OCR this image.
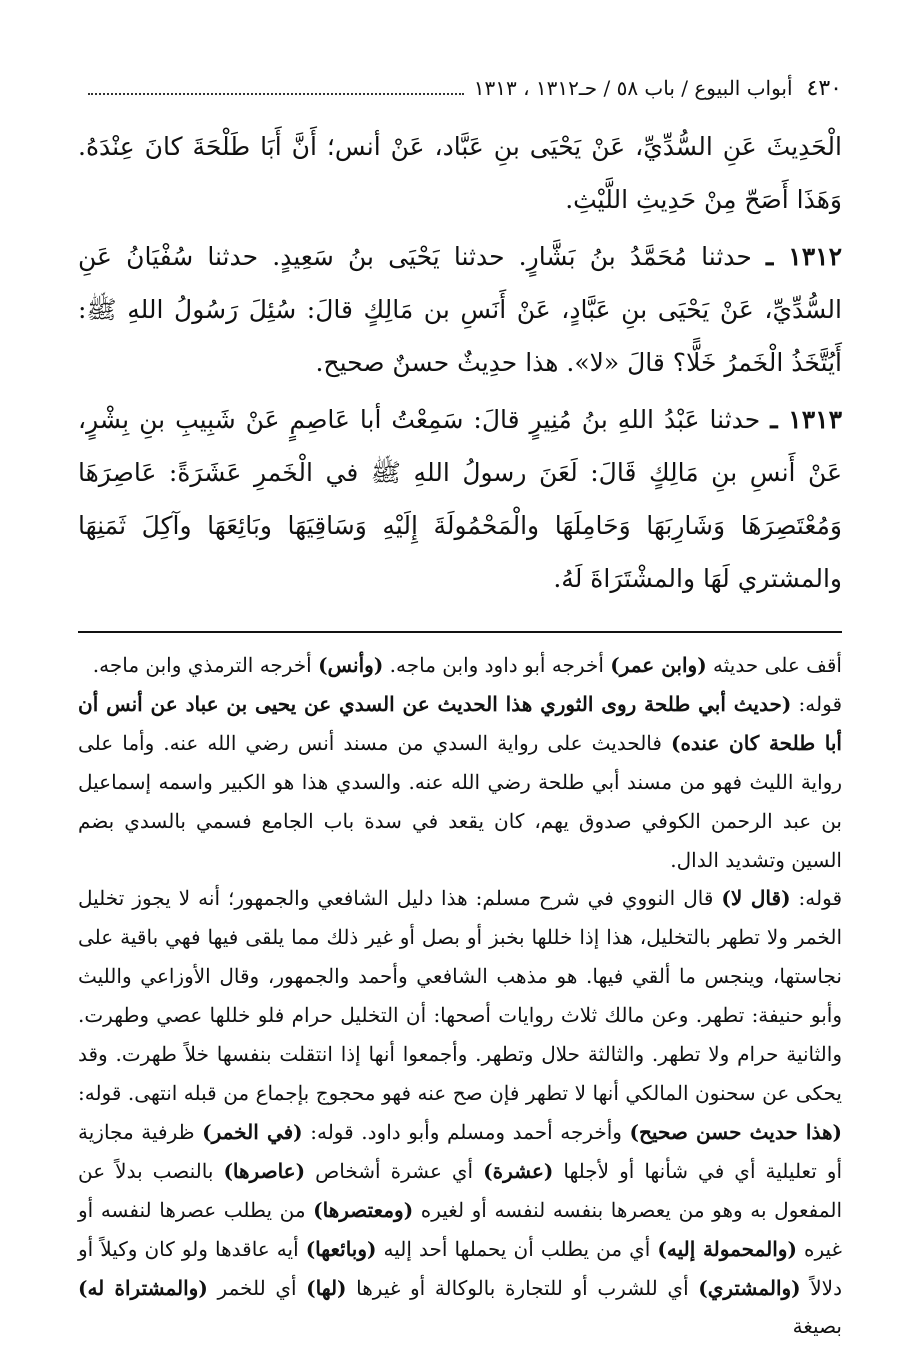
٤٣٠
أبواب البيوع / باب ٥٨ / حـ١٣١٢ ، ١٣١٣

الْحَدِيثَ عَنِ السُّدِّيِّ، عَنْ يَحْيَى بنِ عَبَّاد، عَنْ أنس؛ أَنَّ أَبَا طَلْحَةَ كانَ عِنْدَهُ. وَهَذَا أَصَحّ مِنْ حَدِيثِ اللَّيْثِ.

١٣١٢ ـ حدثنا مُحَمَّدُ بنُ بَشَّارٍ. حدثنا يَحْيَى بنُ سَعِيدٍ. حدثنا سُفْيَانُ عَنِ السُّدِّيِّ، عَنْ يَحْيَى بنِ عَبَّادٍ، عَنْ أَنَسِ بن مَالِكٍ قالَ: سُئِلَ رَسُولُ اللهِ ﷺ: أَيُتَّخَذُ الْخَمرُ خَلًّا؟ قالَ «لا». هذا حدِيثٌ حسنٌ صحيح.

١٣١٣ ـ حدثنا عَبْدُ اللهِ بنُ مُنِيرٍ قالَ: سَمِعْتُ أبا عَاصِمٍ عَنْ شَبِيبِ بنِ بِشْرٍ، عَنْ أَنسِ بنِ مَالِكٍ قَالَ: لَعَنَ رسولُ اللهِ ﷺ في الْخَمرِ عَشَرَةً: عَاصِرَهَا وَمُعْتَصِرَهَا وَشَارِبَهَا وَحَامِلَهَا والْمَحْمُولَةَ إِلَيْهِ وَسَاقِيَهَا وبَائِعَهَا وآكِلَ ثَمَنِهَا والمشتري لَهَا والمشْتَرَاةَ لَهُ.

أقف على حديثه (وابن عمر) أخرجه أبو داود وابن ماجه. (وأنس) أخرجه الترمذي وابن ماجه.

قوله: (حديث أبي طلحة روى الثوري هذا الحديث عن السدي عن يحيى بن عباد عن أنس أن أبا طلحة كان عنده) فالحديث على رواية السدي من مسند أنس رضي الله عنه. وأما على رواية الليث فهو من مسند أبي طلحة رضي الله عنه. والسدي هذا هو الكبير واسمه إسماعيل بن عبد الرحمن الكوفي صدوق يهم، كان يقعد في سدة باب الجامع فسمي بالسدي بضم السين وتشديد الدال.

قوله: (قال لا) قال النووي في شرح مسلم: هذا دليل الشافعي والجمهور؛ أنه لا يجوز تخليل الخمر ولا تطهر بالتخليل، هذا إذا خللها بخبز أو بصل أو غير ذلك مما يلقى فيها فهي باقية على نجاستها، وينجس ما ألقي فيها. هو مذهب الشافعي وأحمد والجمهور، وقال الأوزاعي والليث وأبو حنيفة: تطهر. وعن مالك ثلاث روايات أصحها: أن التخليل حرام فلو خللها عصي وطهرت. والثانية حرام ولا تطهر. والثالثة حلال وتطهر. وأجمعوا أنها إذا انتقلت بنفسها خلاً طهرت. وقد يحكى عن سحنون المالكي أنها لا تطهر فإن صح عنه فهو محجوج بإجماع من قبله انتهى. قوله: (هذا حديث حسن صحيح) وأخرجه أحمد ومسلم وأبو داود. قوله: (في الخمر) ظرفية مجازية أو تعليلية أي في شأنها أو لأجلها (عشرة) أي عشرة أشخاص (عاصرها) بالنصب بدلاً عن المفعول به وهو من يعصرها بنفسه لنفسه أو لغيره (ومعتصرها) من يطلب عصرها لنفسه أو غيره (والمحمولة إليه) أي من يطلب أن يحملها أحد إليه (وبائعها) أيه عاقدها ولو كان وكيلاً أو دلالاً (والمشتري) أي للشرب أو للتجارة بالوكالة أو غيرها (لها) أي للخمر (والمشتراة له) بصيغة
